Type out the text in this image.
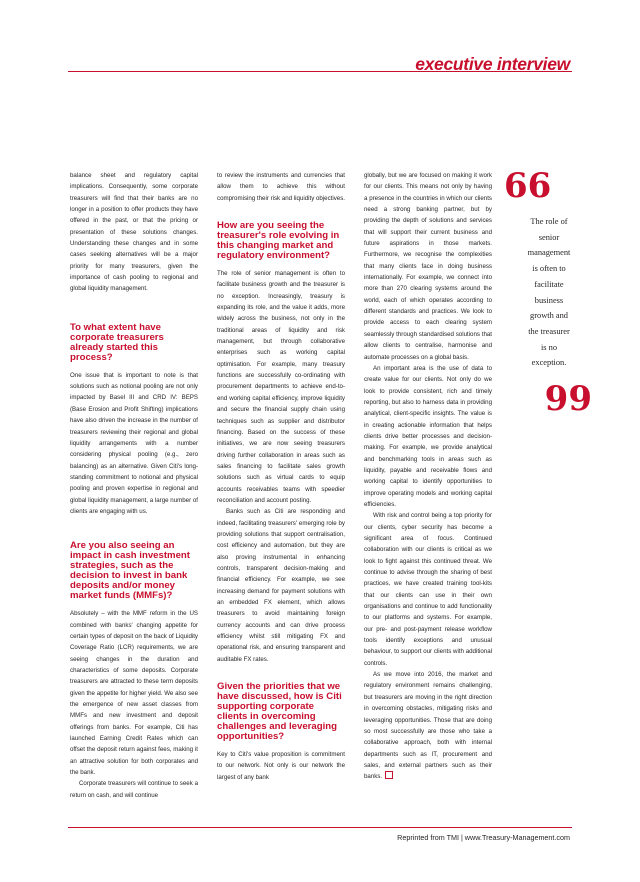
executive interview

balance sheet and regulatory capital implications. Consequently, some corporate treasurers will find that their banks are no longer in a position to offer products they have offered in the past, or that the pricing or presentation of these solutions changes. Understanding these changes and in some cases seeking alternatives will be a major priority for many treasurers, given the importance of cash pooling to regional and global liquidity management.

To what extent have corporate treasurers already started this process?

One issue that is important to note is that solutions such as notional pooling are not only impacted by Basel III and CRD IV: BEPS (Base Erosion and Profit Shifting) implications have also driven the increase in the number of treasurers reviewing their regional and global liquidity arrangements with a number considering physical pooling (e.g., zero balancing) as an alternative. Given Citi's long-standing commitment to notional and physical pooling and proven expertise in regional and global liquidity management, a large number of clients are engaging with us.

Are you also seeing an impact in cash investment strategies, such as the decision to invest in bank deposits and/or money market funds (MMFs)?

Absolutely – with the MMF reform in the US combined with banks' changing appetite for certain types of deposit on the back of Liquidity Coverage Ratio (LCR) requirements, we are seeing changes in the duration and characteristics of some deposits. Corporate treasurers are attracted to these term deposits given the appetite for higher yield. We also see the emergence of new asset classes from MMFs and new investment and deposit offerings from banks. For example, Citi has launched Earning Credit Rates which can offset the deposit return against fees, making it an attractive solution for both corporates and the bank.

Corporate treasurers will continue to seek a return on cash, and will continue

to review the instruments and currencies that allow them to achieve this without compromising their risk and liquidity objectives.

How are you seeing the treasurer's role evolving in this changing market and regulatory environment?

The role of senior management is often to facilitate business growth and the treasurer is no exception. Increasingly, treasury is expanding its role, and the value it adds, more widely across the business, not only in the traditional areas of liquidity and risk management, but through collaborative enterprises such as working capital optimisation. For example, many treasury functions are successfully co-ordinating with procurement departments to achieve end-to-end working capital efficiency, improve liquidity and secure the financial supply chain using techniques such as supplier and distributor financing. Based on the success of these initiatives, we are now seeing treasurers driving further collaboration in areas such as sales financing to facilitate sales growth solutions such as virtual cards to equip accounts receivables teams with speedier reconciliation and account posting.

Banks such as Citi are responding and indeed, facilitating treasurers' emerging role by providing solutions that support centralisation, cost efficiency and automation, but they are also proving instrumental in enhancing controls, transparent decision-making and financial efficiency. For example, we see increasing demand for payment solutions with an embedded FX element, which allows treasurers to avoid maintaining foreign currency accounts and can drive process efficiency whilst still mitigating FX and operational risk, and ensuring transparent and auditable FX rates.

Given the priorities that we have discussed, how is Citi supporting corporate clients in overcoming challenges and leveraging opportunities?

Key to Citi's value proposition is commitment to our network. Not only is our network the largest of any bank

globally, but we are focused on making it work for our clients. This means not only by having a presence in the countries in which our clients need a strong banking partner, but by providing the depth of solutions and services that will support their current business and future aspirations in those markets. Furthermore, we recognise the complexities that many clients face in doing business internationally. For example, we connect into more than 270 clearing systems around the world, each of which operates according to different standards and practices. We look to provide access to each clearing system seamlessly through standardised solutions that allow clients to centralise, harmonise and automate processes on a global basis.

An important area is the use of data to create value for our clients. Not only do we look to provide consistent, rich and timely reporting, but also to harness data in providing analytical, client-specific insights. The value is in creating actionable information that helps clients drive better processes and decision-making. For example, we provide analytical and benchmarking tools in areas such as liquidity, payable and receivable flows and working capital to identify opportunities to improve operating models and working capital efficiencies.

With risk and control being a top priority for our clients, cyber security has become a significant area of focus. Continued collaboration with our clients is critical as we look to fight against this continued threat. We continue to advise through the sharing of best practices, we have created training tool-kits that our clients can use in their own organisations and continue to add functionality to our platforms and systems. For example, our pre- and post-payment release workflow tools identify exceptions and unusual behaviour, to support our clients with additional controls.

As we move into 2016, the market and regulatory environment remains challenging, but treasurers are moving in the right direction in overcoming obstacles, mitigating risks and leveraging opportunities. Those that are doing so most successfully are those who take a collaborative approach, both with internal departments such as IT, procurement and sales, and external partners such as their banks.

66
The role of
senior
management
is often to
facilitate
business
growth and
the treasurer
is no
exception.
99
Reprinted from TMI | www.Treasury-Management.com
